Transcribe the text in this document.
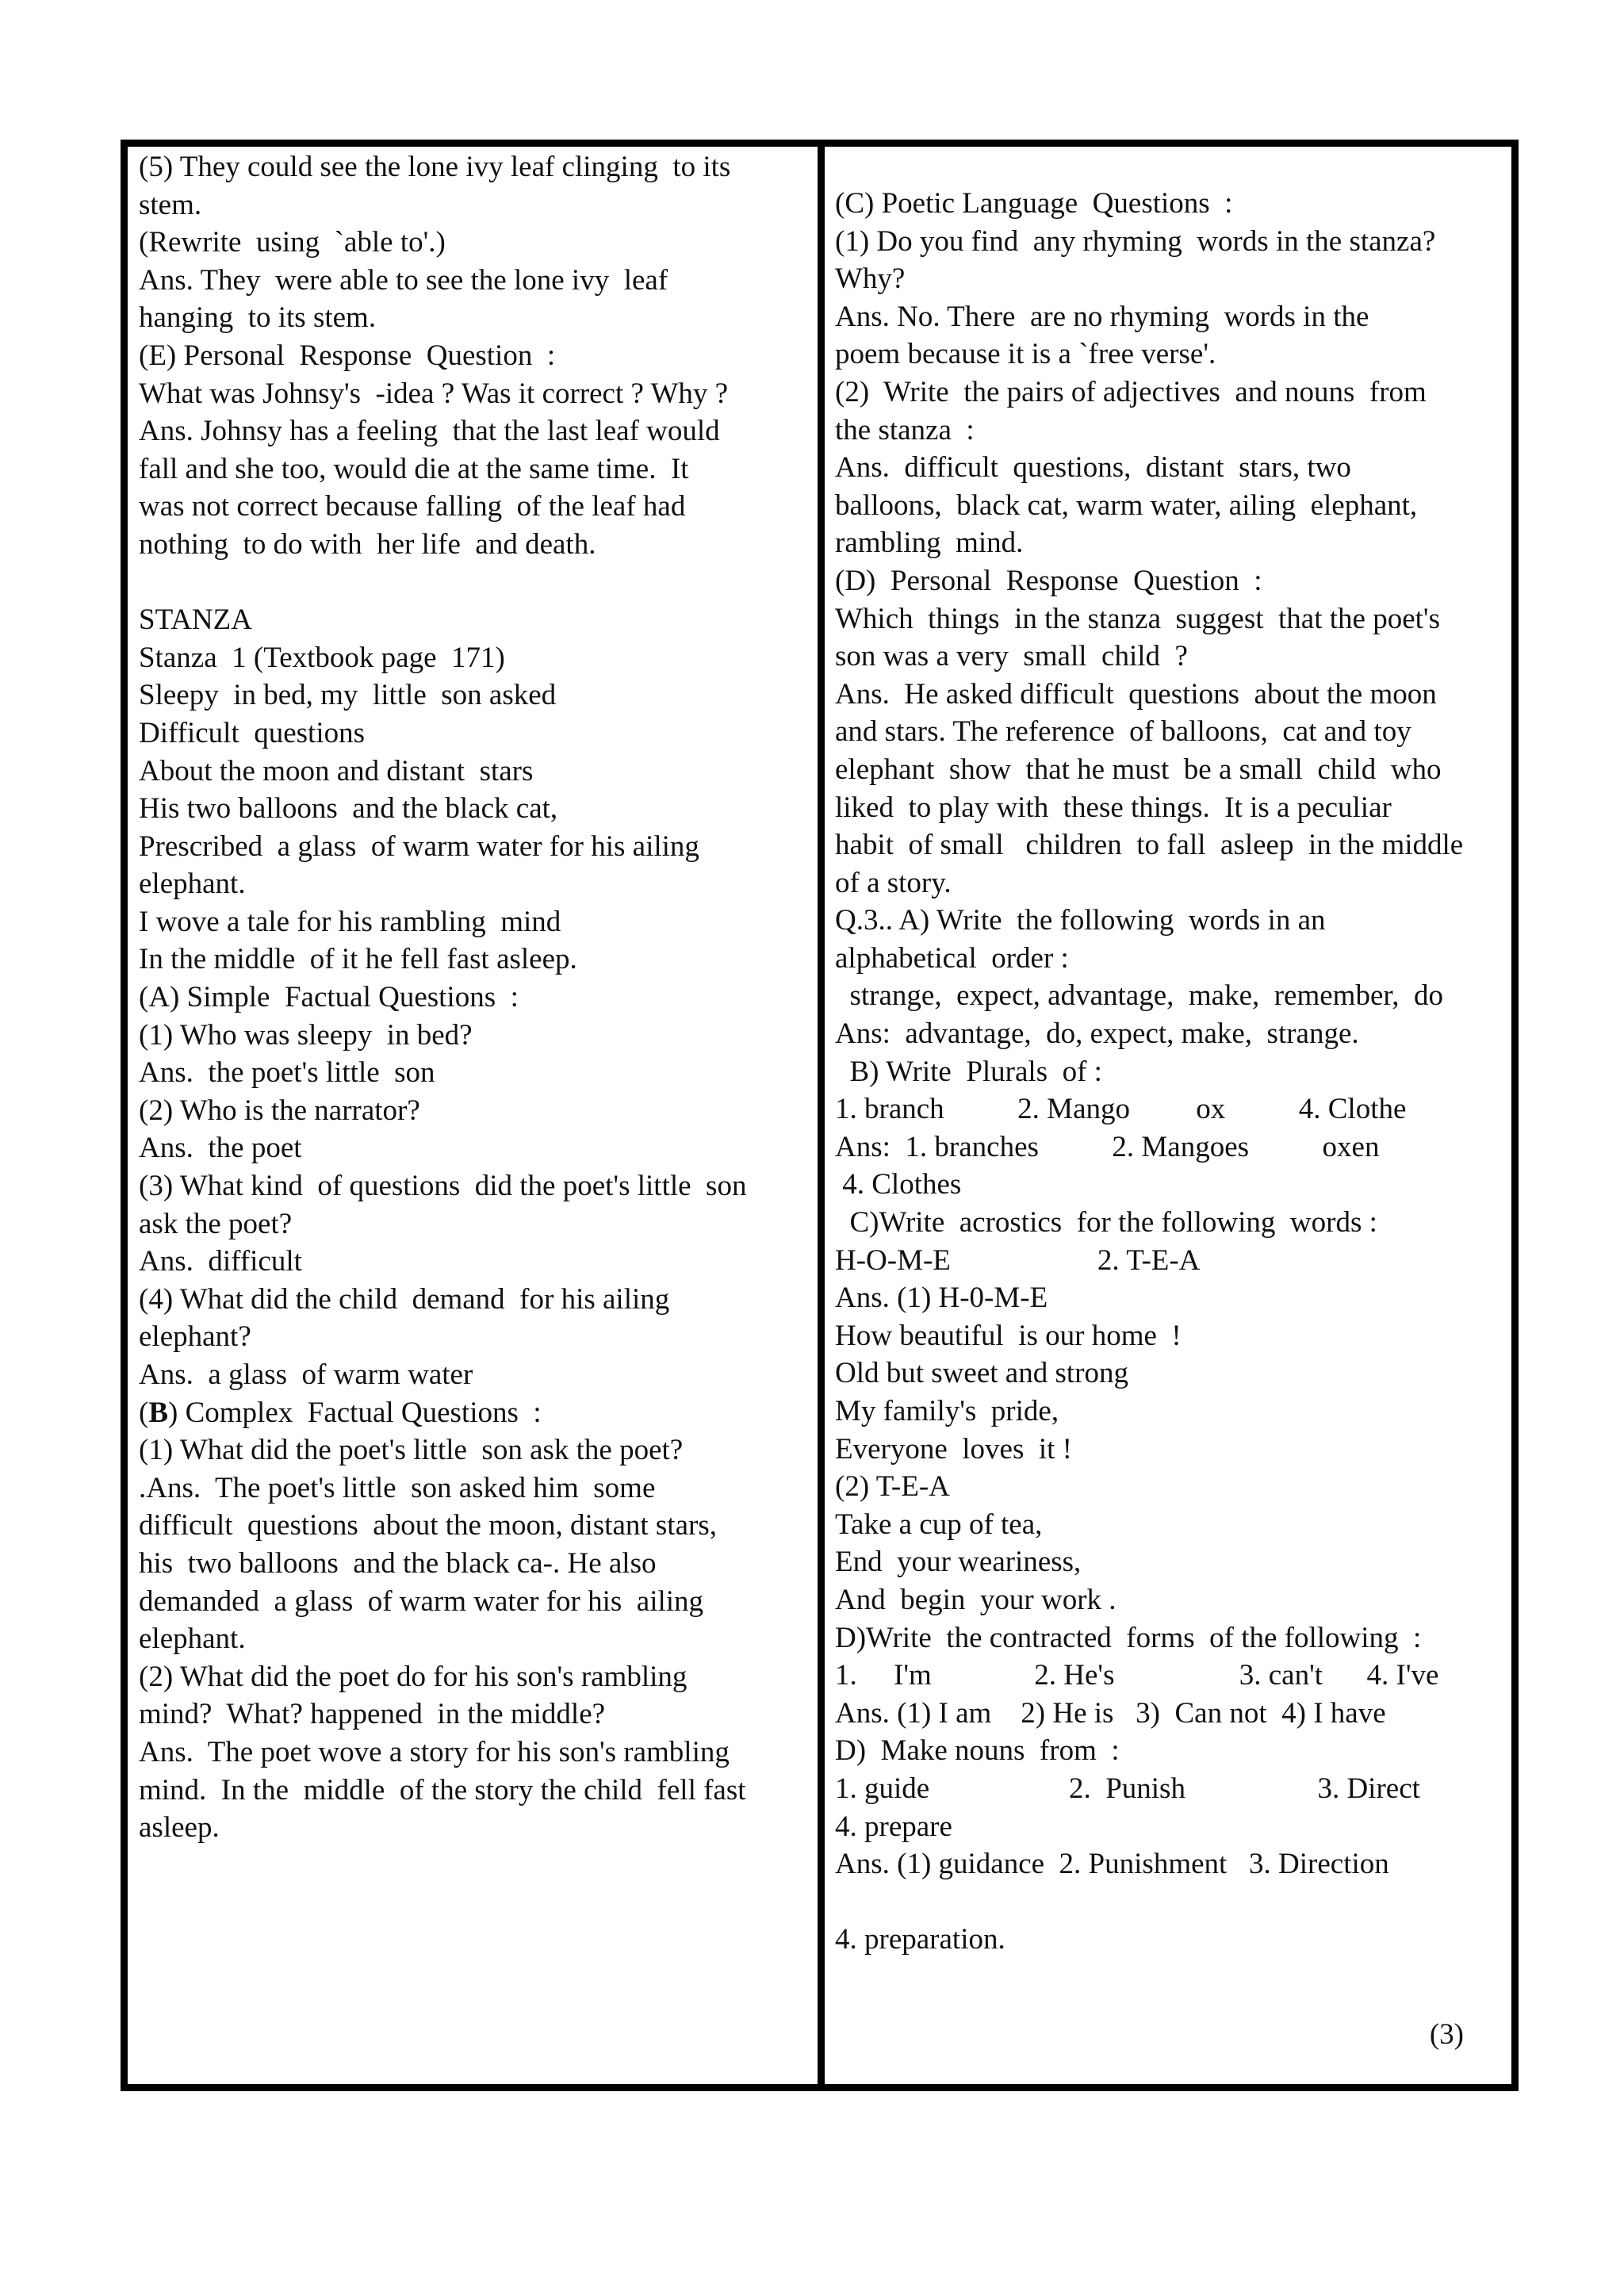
(5) They could see the lone ivy leaf clinging  to its
stem.
(Rewrite  using  `able to'.)
Ans. They  were able to see the lone ivy  leaf
hanging  to its stem.
(E) Personal  Response  Question  :
What was Johnsy's  -idea ? Was it correct ? Why ?
Ans. Johnsy has a feeling  that the last leaf would
fall and she too, would die at the same time.  It
was not correct because falling  of the leaf had
nothing  to do with  her life  and death.
STANZA
Stanza  1 (Textbook page  171)
Sleepy  in bed, my  little  son asked
Difficult  questions
About the moon and distant  stars
His two balloons  and the black cat,
Prescribed  a glass  of warm water for his ailing
elephant.
I wove a tale for his rambling  mind
In the middle  of it he fell fast asleep.
(A) Simple  Factual Questions  :
(1) Who was sleepy  in bed?
Ans.  the poet's little  son
(2) Who is the narrator?
Ans.  the poet
(3) What kind  of questions  did the poet's little  son
ask the poet?
Ans.  difficult
(4) What did the child  demand  for his ailing
elephant?
Ans.  a glass  of warm water
(B) Complex  Factual Questions  :
(1) What did the poet's little  son ask the poet?
.Ans.  The poet's little  son asked him  some
difficult  questions  about the moon, distant stars,
his  two balloons  and the black ca-. He also
demanded  a glass  of warm water for his  ailing
elephant.
(2) What did the poet do for his son's rambling
mind?  What? happened  in the middle?
Ans.  The poet wove a story for his son's rambling
mind.  In the  middle  of the story the child  fell fast
asleep.
(C) Poetic Language  Questions  :
(1) Do you find  any rhyming  words in the stanza?
Why?
Ans. No. There  are no rhyming  words in the
poem because it is a `free verse'.
(2)  Write  the pairs of adjectives  and nouns  from
the stanza  :
Ans.  difficult  questions,  distant  stars, two
balloons,  black cat, warm water, ailing  elephant,
rambling  mind.
(D)  Personal  Response  Question  :
Which  things  in the stanza  suggest  that the poet's
son was a very  small  child  ?
Ans.  He asked difficult  questions  about the moon
and stars. The reference  of balloons,  cat and toy
elephant  show  that he must  be a small  child  who
liked  to play with  these things.  It is a peculiar
habit  of small   children  to fall  asleep  in the middle
of a story.
Q.3.. A) Write  the following  words in an
alphabetical  order :
strange,  expect, advantage,  make,  remember,  do
Ans:  advantage,  do, expect, make,  strange.
B) Write  Plurals  of :
1. branch          2. Mango         ox          4. Clothe
Ans:  1. branches          2. Mangoes          oxen
4. Clothes
C)Write  acrostics  for the following  words :
H-O-M-E                    2. T-E-A
Ans. (1) H-0-M-E
How beautiful  is our home  !
Old but sweet and strong
My family's  pride,
Everyone  loves  it !
(2) T-E-A
Take a cup of tea,
End  your weariness,
And  begin  your work .
D)Write  the contracted  forms  of the following  :
1.     I'm              2. He's                 3. can't      4. I've
Ans. (1) I am    2) He is   3)  Can not  4) I have
D)  Make nouns  from  :
1. guide                   2.  Punish                  3. Direct
4. prepare
Ans. (1) guidance  2. Punishment   3. Direction
4. preparation.
(3)
